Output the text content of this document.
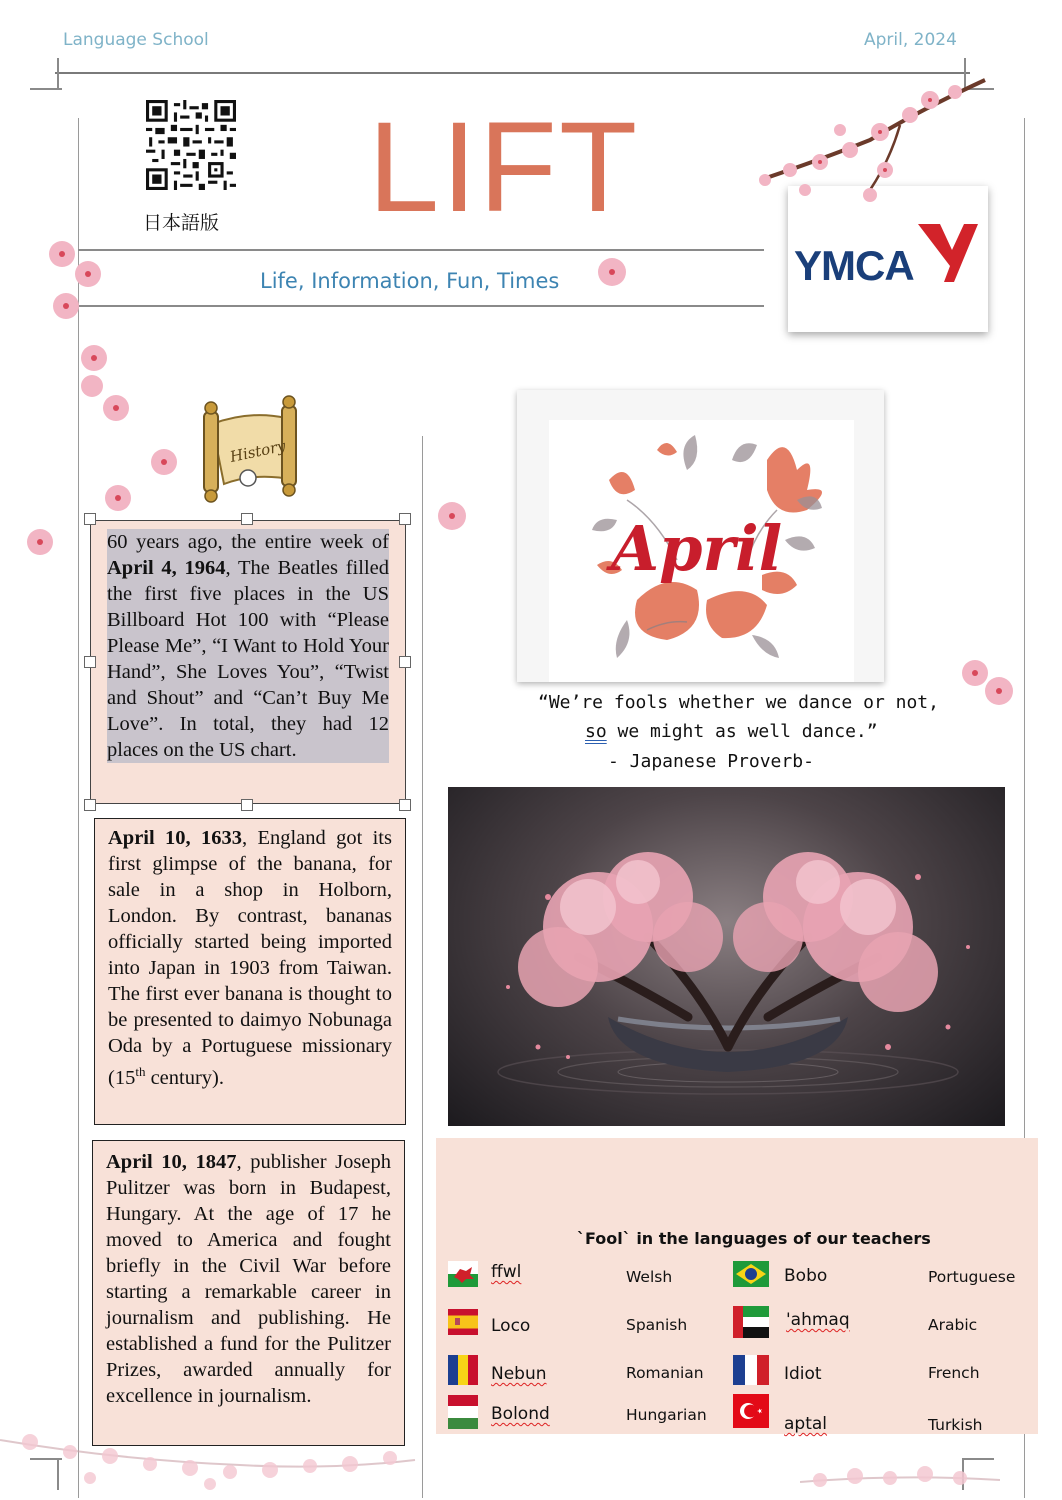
Language School	April, 2024
日本語版 LIFT
Life, Information, Fun, Times	YMCA
History
60 years ago, the entire week of April 4, 1964, The Beatles filled the first five places in the US Billboard Hot 100 with “Please Please Me”, “I Want to Hold Your Hand”, She Loves You”, “Twist and Shout” and “Can’t Buy Me Love”. In total, they had 12 places on the US chart.
April 10, 1633, England got its first glimpse of the banana, for sale in a shop in Holborn, London. By contrast, bananas officially started being imported into Japan in 1903 from Taiwan. The first ever banana is thought to be presented to daimyo Nobunaga Oda by a Portuguese missionary (15th century).
April 10, 1847, publisher Joseph Pulitzer was born in Budapest, Hungary. At the age of 17 he moved to America and fought briefly in the Civil War before starting a remarkable career in journalism and publishing. He established a fund for the Pulitzer Prizes, awarded annually for excellence in journalism.
April
“We’re fools whether we dance or not,
so we might as well dance.”
- Japanese Proverb-
`Fool` in the languages of our teachers
ffwl	Welsh	Bobo	Portuguese
Loco	Spanish	'ahmaq	Arabic
Nebun	Romanian	Idiot	French
Bolond	Hungarian	aptal	Turkish
